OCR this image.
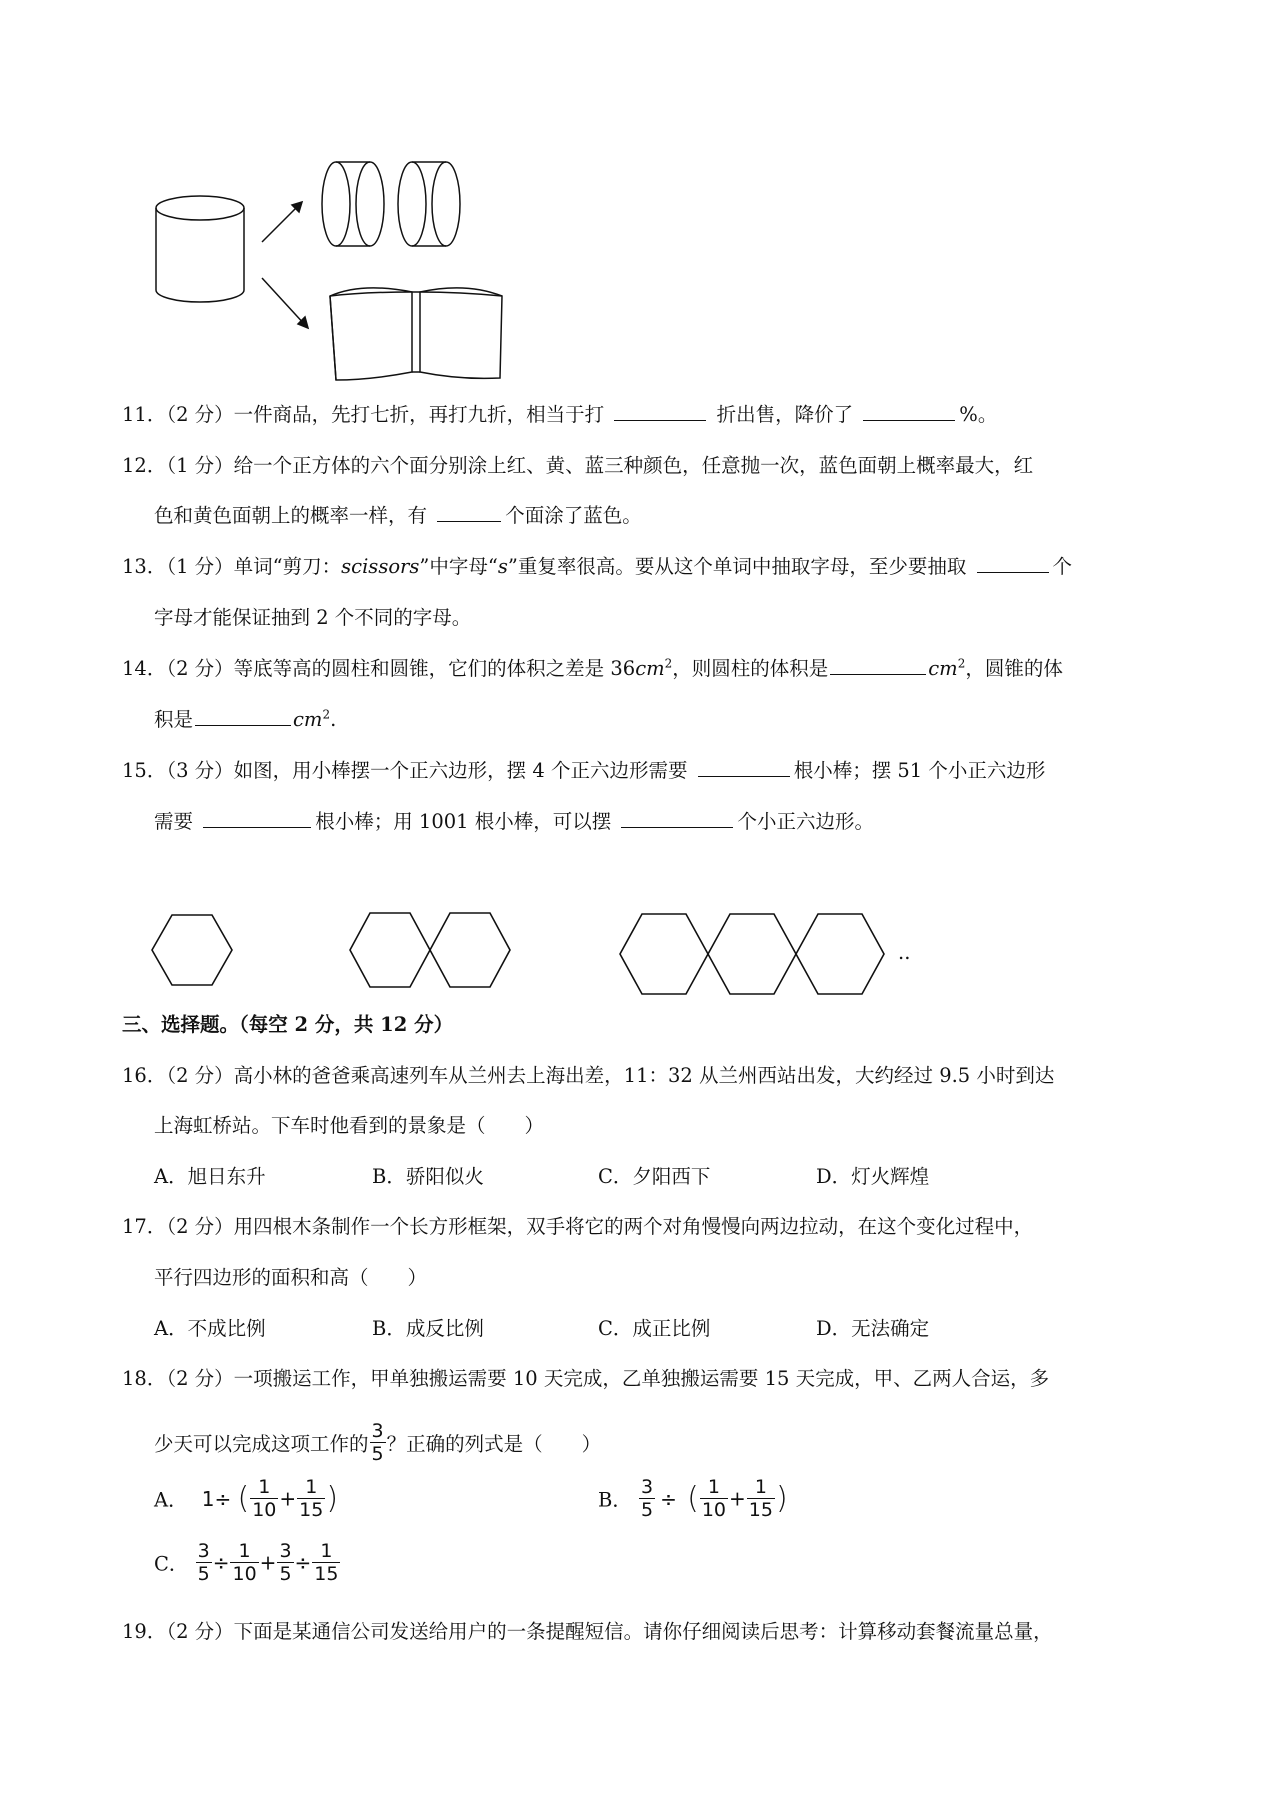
11．（2 分）一件商品，先打七折，再打九折，相当于打	折出售，降价了	%。
12．（1 分）给一个正方体的六个面分别涂上红、黄、蓝三种颜色，任意抛一次，蓝色面朝上概率最大，红
色和黄色面朝上的概率一样，有	个面涂了蓝色。
13．（1 分）单词“剪刀：scissors”中字母“s”重复率很高。要从这个单词中抽取字母，至少要抽取	个
字母才能保证抽到 2 个不同的字母。
14．（2 分）等底等高的圆柱和圆锥，它们的体积之差是 $36cm^2$，则圆柱的体积是	$cm^2$，圆锥的体
积是	$cm^2$.
15．（3 分）如图，用小棒摆一个正六边形，摆 4 个正六边形需要	根小棒；摆 51 个小正六边形
需要	根小棒；用 1001 根小棒，可以摆	个小正六边形。
..
三、选择题。（每空 2 分，共 12 分）
16．（2 分）高小林的爸爸乘高速列车从兰州去上海出差，11：32 从兰州西站出发，大约经过 9.5 小时到达
上海虹桥站。下车时他看到的景象是（　　）
A．旭日东升	B．骄阳似火	C．夕阳西下	D．灯火辉煌
17．（2 分）用四根木条制作一个长方形框架，双手将它的两个对角慢慢向两边拉动，在这个变化过程中，
平行四边形的面积和高（　　）
A．不成比例	B．成反比例	C．成正比例	D．无法确定
18．（2 分）一项搬运工作，甲单独搬运需要 10 天完成，乙单独搬运需要 15 天完成，甲、乙两人合运，多
少天可以完成这项工作的 $\frac{3}{5}$ ？正确的列式是（　　）
A． 1÷ ( $\frac{1}{10} + \frac{1}{15}$ )	B． $\frac{3}{5}$ ÷ ( $\frac{1}{10} + \frac{1}{15}$ )
C． $\frac{3}{5} \div \frac{1}{10} + \frac{3}{5} \div \frac{1}{15}$
19．（2 分）下面是某通信公司发送给用户的一条提醒短信。请你仔细阅读后思考：计算移动套餐流量总量，
